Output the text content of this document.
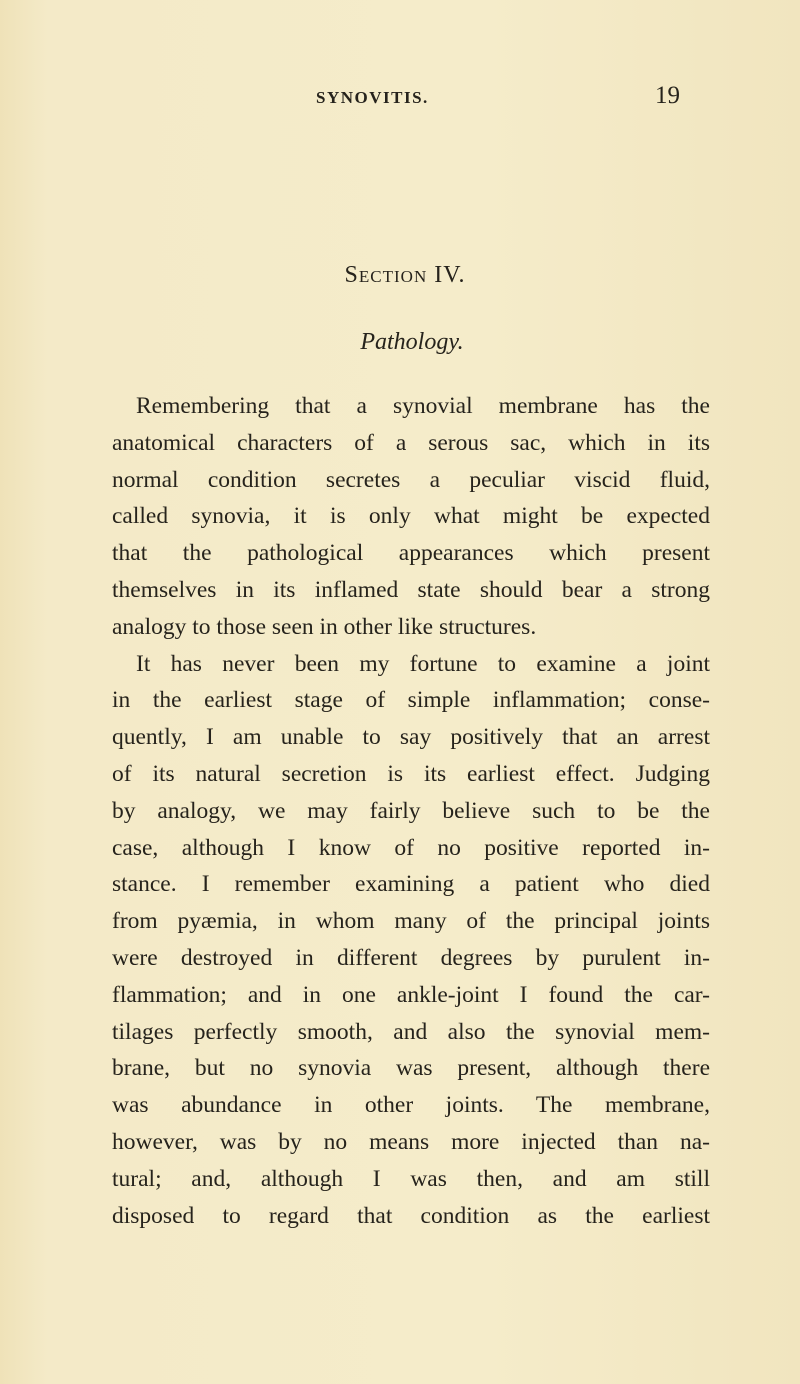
SYNOVITIS.	19
Section IV.
Pathology.
Remembering that a synovial membrane has the
anatomical characters of a serous sac, which in its
normal condition secretes a peculiar viscid fluid,
called synovia, it is only what might be expected
that the pathological appearances which present
themselves in its inflamed state should bear a strong
analogy to those seen in other like structures.
It has never been my fortune to examine a joint
in the earliest stage of simple inflammation; conse-
quently, I am unable to say positively that an arrest
of its natural secretion is its earliest effect. Judging
by analogy, we may fairly believe such to be the
case, although I know of no positive reported in-
stance. I remember examining a patient who died
from pyæmia, in whom many of the principal joints
were destroyed in different degrees by purulent in-
flammation; and in one ankle-joint I found the car-
tilages perfectly smooth, and also the synovial mem-
brane, but no synovia was present, although there
was abundance in other joints. The membrane,
however, was by no means more injected than na-
tural; and, although I was then, and am still
disposed to regard that condition as the earliest
